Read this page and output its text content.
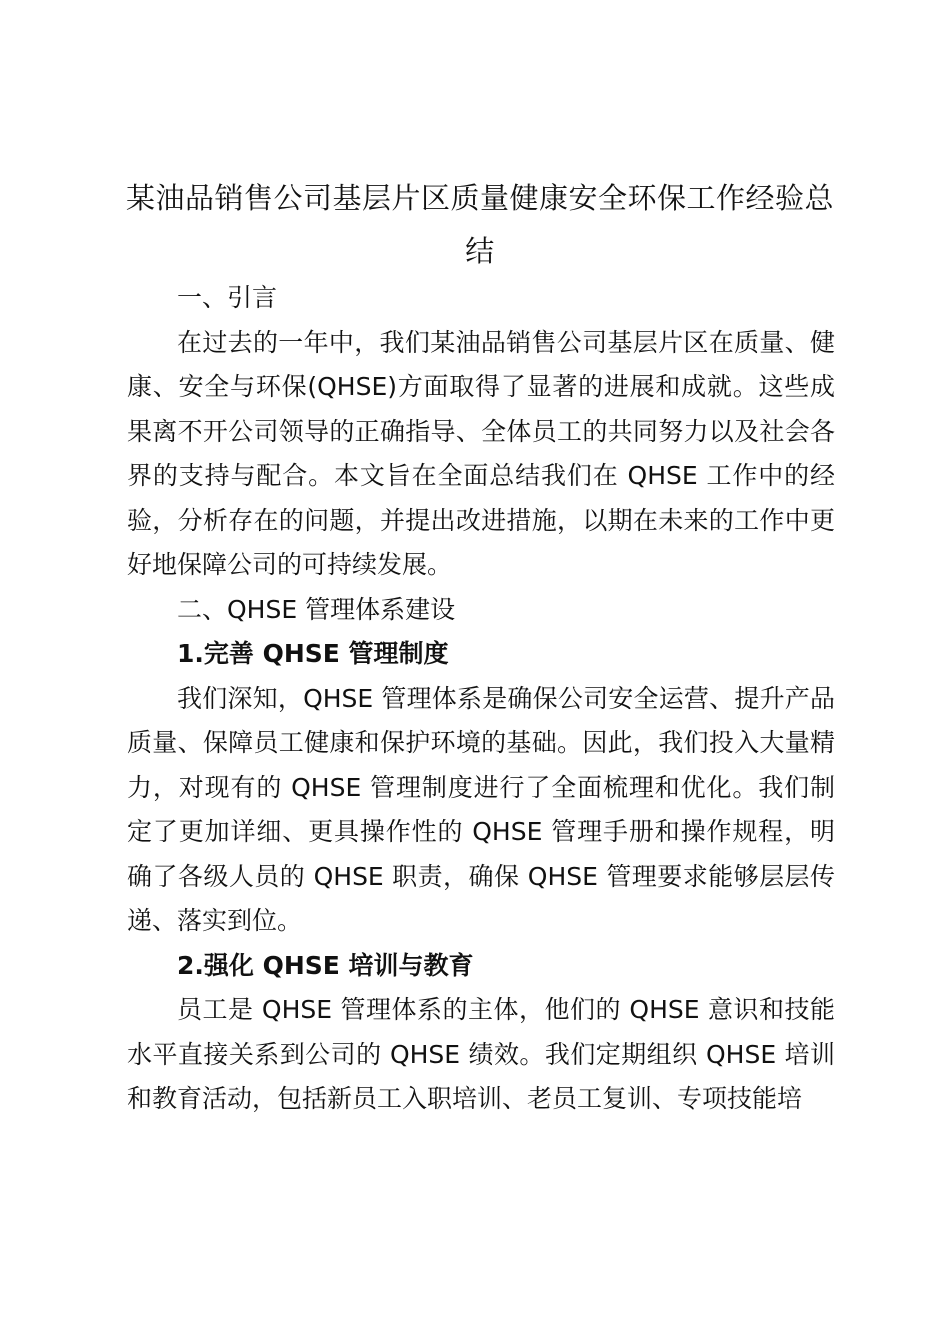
某油品销售公司基层片区质量健康安全环保工作经验总结

一、引言

在过去的一年中，我们某油品销售公司基层片区在质量、健康、安全与环保(QHSE)方面取得了显著的进展和成就。这些成果离不开公司领导的正确指导、全体员工的共同努力以及社会各界的支持与配合。本文旨在全面总结我们在 QHSE 工作中的经验，分析存在的问题，并提出改进措施，以期在未来的工作中更好地保障公司的可持续发展。

二、QHSE 管理体系建设

1.完善 QHSE 管理制度

我们深知，QHSE 管理体系是确保公司安全运营、提升产品质量、保障员工健康和保护环境的基础。因此，我们投入大量精力，对现有的 QHSE 管理制度进行了全面梳理和优化。我们制定了更加详细、更具操作性的 QHSE 管理手册和操作规程，明确了各级人员的 QHSE 职责，确保 QHSE 管理要求能够层层传递、落实到位。

2.强化 QHSE 培训与教育

员工是 QHSE 管理体系的主体，他们的 QHSE 意识和技能水平直接关系到公司的 QHSE 绩效。我们定期组织 QHSE 培训和教育活动，包括新员工入职培训、老员工复训、专项技能培
